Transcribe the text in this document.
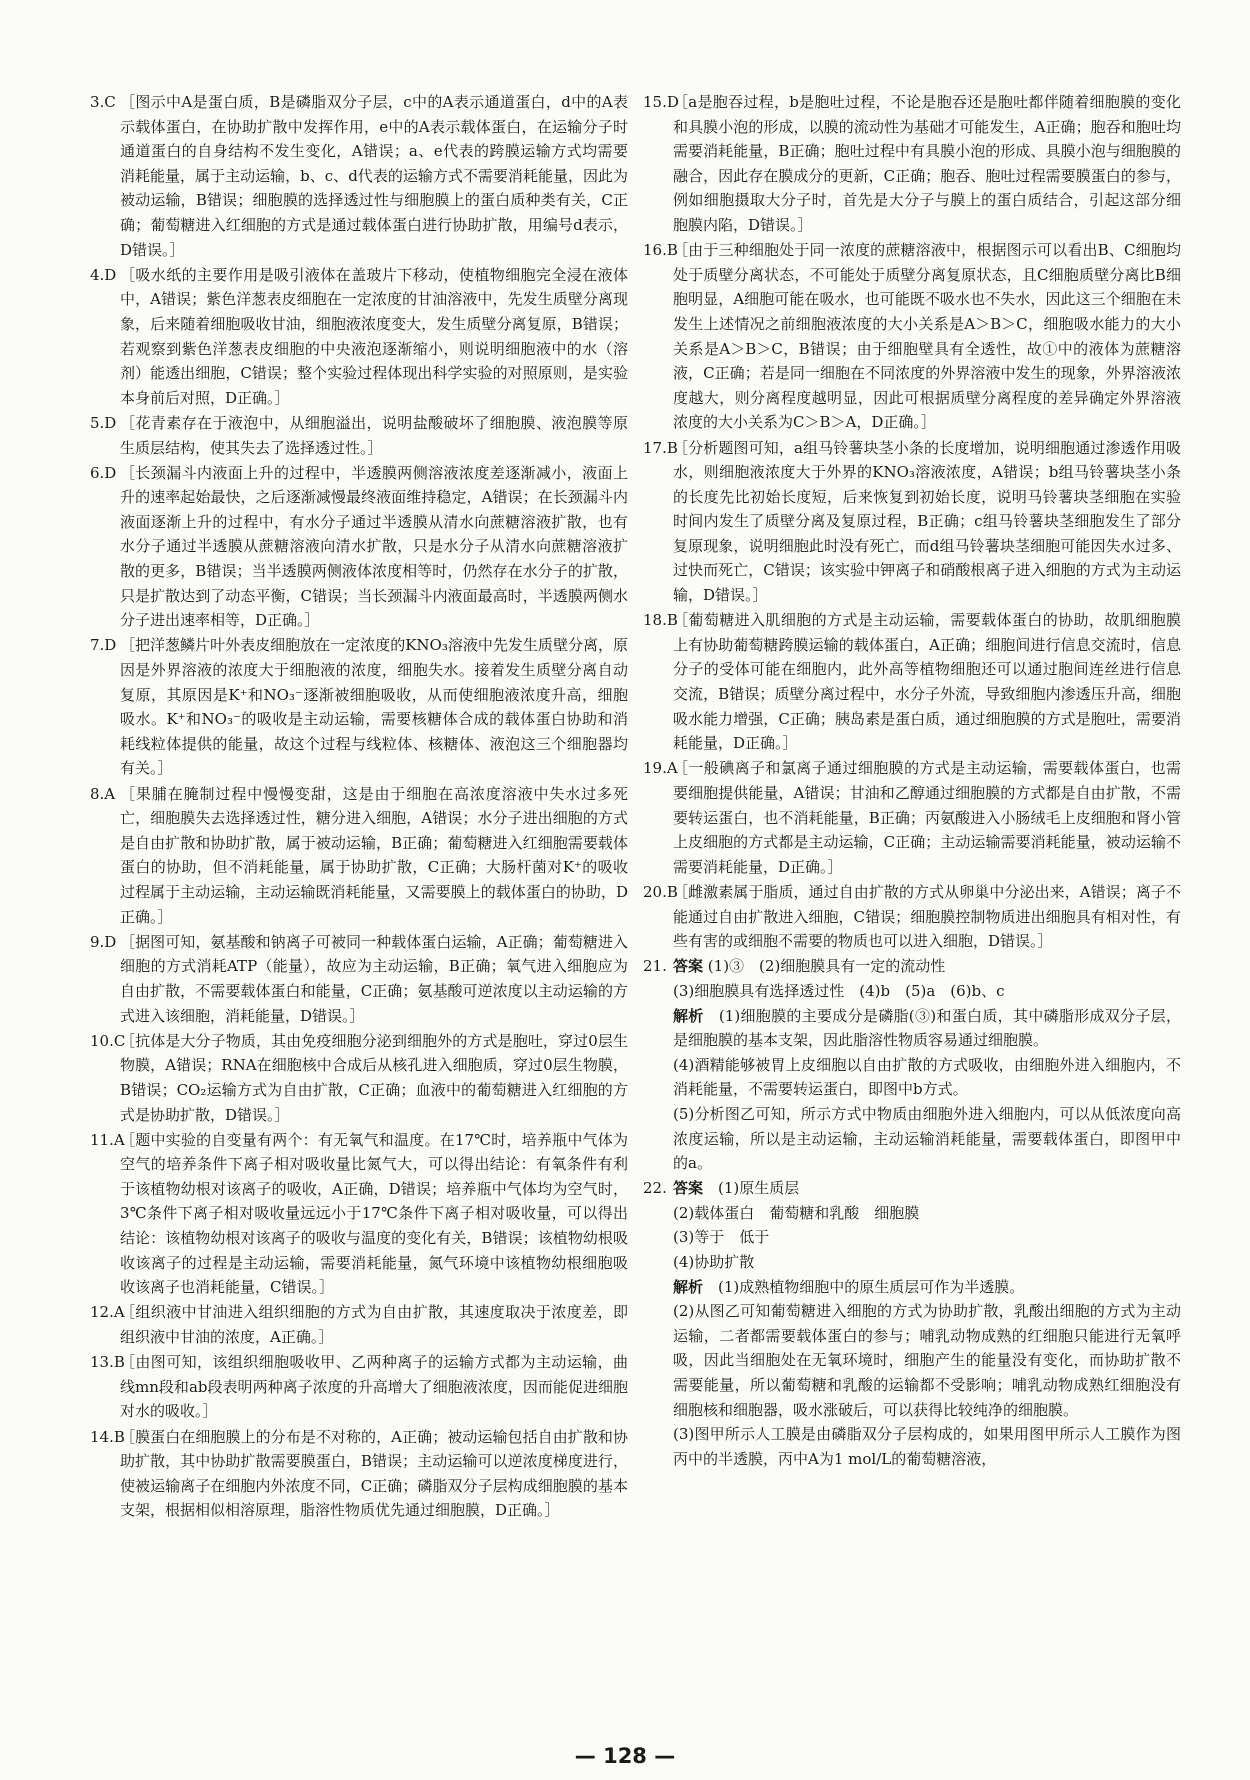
3.C ［图示中A是蛋白质，B是磷脂双分子层，c中的A表示通道蛋白，d中的A表示载体蛋白，在协助扩散中发挥作用，e中的A表示载体蛋白，在运输分子时通道蛋白的自身结构不发生变化，A错误；a、e代表的跨膜运输方式均需要消耗能量，属于主动运输，b、c、d代表的运输方式不需要消耗能量，因此为被动运输，B错误；细胞膜的选择透过性与细胞膜上的蛋白质种类有关，C正确；葡萄糖进入红细胞的方式是通过载体蛋白进行协助扩散，用编号d表示，D错误。］
4.D ［吸水纸的主要作用是吸引液体在盖玻片下移动，使植物细胞完全浸在液体中，A错误；紫色洋葱表皮细胞在一定浓度的甘油溶液中，先发生质壁分离现象，后来随着细胞吸收甘油，细胞液浓度变大，发生质壁分离复原，B错误；若观察到紫色洋葱表皮细胞的中央液泡逐渐缩小，则说明细胞液中的水（溶剂）能透出细胞，C错误；整个实验过程体现出科学实验的对照原则，是实验本身前后对照，D正确。］
5.D ［花青素存在于液泡中，从细胞溢出，说明盐酸破坏了细胞膜、液泡膜等原生质层结构，使其失去了选择透过性。］
6.D ［长颈漏斗内液面上升的过程中，半透膜两侧溶液浓度差逐渐减小，液面上升的速率起始最快，之后逐渐减慢最终液面维持稳定，A错误；在长颈漏斗内液面逐渐上升的过程中，有水分子通过半透膜从清水向蔗糖溶液扩散，也有水分子通过半透膜从蔗糖溶液向清水扩散，只是水分子从清水向蔗糖溶液扩散的更多，B错误；当半透膜两侧液体浓度相等时，仍然存在水分子的扩散，只是扩散达到了动态平衡，C错误；当长颈漏斗内液面最高时，半透膜两侧水分子进出速率相等，D正确。］
7.D ［把洋葱鳞片叶外表皮细胞放在一定浓度的KNO₃溶液中先发生质壁分离，原因是外界溶液的浓度大于细胞液的浓度，细胞失水。接着发生质壁分离自动复原，其原因是K⁺和NO₃⁻逐渐被细胞吸收，从而使细胞液浓度升高，细胞吸水。K⁺和NO₃⁻的吸收是主动运输，需要核糖体合成的载体蛋白协助和消耗线粒体提供的能量，故这个过程与线粒体、核糖体、液泡这三个细胞器均有关。］
8.A ［果脯在腌制过程中慢慢变甜，这是由于细胞在高浓度溶液中失水过多死亡，细胞膜失去选择透过性，糖分进入细胞，A错误；水分子进出细胞的方式是自由扩散和协助扩散，属于被动运输，B正确；葡萄糖进入红细胞需要载体蛋白的协助，但不消耗能量，属于协助扩散，C正确；大肠杆菌对K⁺的吸收过程属于主动运输，主动运输既消耗能量，又需要膜上的载体蛋白的协助，D正确。］
9.D ［据图可知，氨基酸和钠离子可被同一种载体蛋白运输，A正确；葡萄糖进入细胞的方式消耗ATP（能量），故应为主动运输，B正确；氧气进入细胞应为自由扩散，不需要载体蛋白和能量，C正确；氨基酸可逆浓度以主动运输的方式进入该细胞，消耗能量，D错误。］
10.C
［抗体是大分子物质，其由免疫细胞分泌到细胞外的方式是胞吐，穿过0层生物膜，A错误；RNA在细胞核中合成后从核孔进入细胞质，穿过0层生物膜，B错误；CO₂运输方式为自由扩散，C正确；血液中的葡萄糖进入红细胞的方式是协助扩散，D错误。］
11.A
［题中实验的自变量有两个：有无氧气和温度。在17℃时，培养瓶中气体为空气的培养条件下离子相对吸收量比氮气大，可以得出结论：有氧条件有利于该植物幼根对该离子的吸收，A正确，D错误；培养瓶中气体均为空气时，3℃条件下离子相对吸收量远远小于17℃条件下离子相对吸收量，可以得出结论：该植物幼根对该离子的吸收与温度的变化有关，B错误；该植物幼根吸收该离子的过程是主动运输，需要消耗能量，氮气环境中该植物幼根细胞吸收该离子也消耗能量，C错误。］
12.A
［组织液中甘油进入组织细胞的方式为自由扩散，其速度取决于浓度差，即组织液中甘油的浓度，A正确。］
13.B
［由图可知，该组织细胞吸收甲、乙两种离子的运输方式都为主动运输，曲线mn段和ab段表明两种离子浓度的升高增大了细胞液浓度，因而能促进细胞对水的吸收。］
14.B
［膜蛋白在细胞膜上的分布是不对称的，A正确；被动运输包括自由扩散和协助扩散，其中协助扩散需要膜蛋白，B错误；主动运输可以逆浓度梯度进行，使被运输离子在细胞内外浓度不同，C正确；磷脂双分子层构成细胞膜的基本支架，根据相似相溶原理，脂溶性物质优先通过细胞膜，D正确。］
15.D
［a是胞吞过程，b是胞吐过程，不论是胞吞还是胞吐都伴随着细胞膜的变化和具膜小泡的形成，以膜的流动性为基础才可能发生，A正确；胞吞和胞吐均需要消耗能量，B正确；胞吐过程中有具膜小泡的形成、具膜小泡与细胞膜的融合，因此存在膜成分的更新，C正确；胞吞、胞吐过程需要膜蛋白的参与，例如细胞摄取大分子时，首先是大分子与膜上的蛋白质结合，引起这部分细胞膜内陷，D错误。］
16.B
［由于三种细胞处于同一浓度的蔗糖溶液中，根据图示可以看出B、C细胞均处于质壁分离状态，不可能处于质壁分离复原状态，且C细胞质壁分离比B细胞明显，A细胞可能在吸水，也可能既不吸水也不失水，因此这三个细胞在未发生上述情况之前细胞液浓度的大小关系是A＞B＞C，细胞吸水能力的大小关系是A＞B＞C，B错误；由于细胞壁具有全透性，故①中的液体为蔗糖溶液，C正确；若是同一细胞在不同浓度的外界溶液中发生的现象，外界溶液浓度越大，则分离程度越明显，因此可根据质壁分离程度的差异确定外界溶液浓度的大小关系为C＞B＞A，D正确。］
17.B
［分析题图可知，a组马铃薯块茎小条的长度增加，说明细胞通过渗透作用吸水，则细胞液浓度大于外界的KNO₃溶液浓度，A错误；b组马铃薯块茎小条的长度先比初始长度短，后来恢复到初始长度，说明马铃薯块茎细胞在实验时间内发生了质壁分离及复原过程，B正确；c组马铃薯块茎细胞发生了部分复原现象，说明细胞此时没有死亡，而d组马铃薯块茎细胞可能因失水过多、过快而死亡，C错误；该实验中钾离子和硝酸根离子进入细胞的方式为主动运输，D错误。］
18.B
［葡萄糖进入肌细胞的方式是主动运输，需要载体蛋白的协助，故肌细胞膜上有协助葡萄糖跨膜运输的载体蛋白，A正确；细胞间进行信息交流时，信息分子的受体可能在细胞内，此外高等植物细胞还可以通过胞间连丝进行信息交流，B错误；质壁分离过程中，水分子外流，导致细胞内渗透压升高，细胞吸水能力增强，C正确；胰岛素是蛋白质，通过细胞膜的方式是胞吐，需要消耗能量，D正确。］
19.A
［一般碘离子和氯离子通过细胞膜的方式是主动运输，需要载体蛋白，也需要细胞提供能量，A错误；甘油和乙醇通过细胞膜的方式都是自由扩散，不需要转运蛋白，也不消耗能量，B正确；丙氨酸进入小肠绒毛上皮细胞和肾小管上皮细胞的方式都是主动运输，C正确；主动运输需要消耗能量，被动运输不需要消耗能量，D正确。］
20.B
［雌激素属于脂质，通过自由扩散的方式从卵巢中分泌出来，A错误；离子不能通过自由扩散进入细胞，C错误；细胞膜控制物质进出细胞具有相对性，有些有害的或细胞不需要的物质也可以进入细胞，D错误。］
21. 答案 (1)③　(2)细胞膜具有一定的流动性
(3)细胞膜具有选择透过性　(4)b　(5)a　(6)b、c
解析　 (1)细胞膜的主要成分是磷脂(③)和蛋白质，其中磷脂形成双分子层，是细胞膜的基本支架，因此脂溶性物质容易通过细胞膜。
(4)酒精能够被胃上皮细胞以自由扩散的方式吸收，由细胞外进入细胞内，不消耗能量，不需要转运蛋白，即图中b方式。
(5)分析图乙可知，所示方式中物质由细胞外进入细胞内，可以从低浓度向高浓度运输，所以是主动运输，主动运输消耗能量，需要载体蛋白，即图甲中的a。
22. 答案　 (1)原生质层
(2)载体蛋白　葡萄糖和乳酸　细胞膜
(3)等于　低于
(4)协助扩散
解析　 (1)成熟植物细胞中的原生质层可作为半透膜。
(2)从图乙可知葡萄糖进入细胞的方式为协助扩散，乳酸出细胞的方式为主动运输，二者都需要载体蛋白的参与；哺乳动物成熟的红细胞只能进行无氧呼吸，因此当细胞处在无氧环境时，细胞产生的能量没有变化，而协助扩散不需要能量，所以葡萄糖和乳酸的运输都不受影响；哺乳动物成熟红细胞没有细胞核和细胞器，吸水涨破后，可以获得比较纯净的细胞膜。
(3)图甲所示人工膜是由磷脂双分子层构成的，如果用图甲所示人工膜作为图丙中的半透膜，丙中A为1 mol/L的葡萄糖溶液，
— 128 —
